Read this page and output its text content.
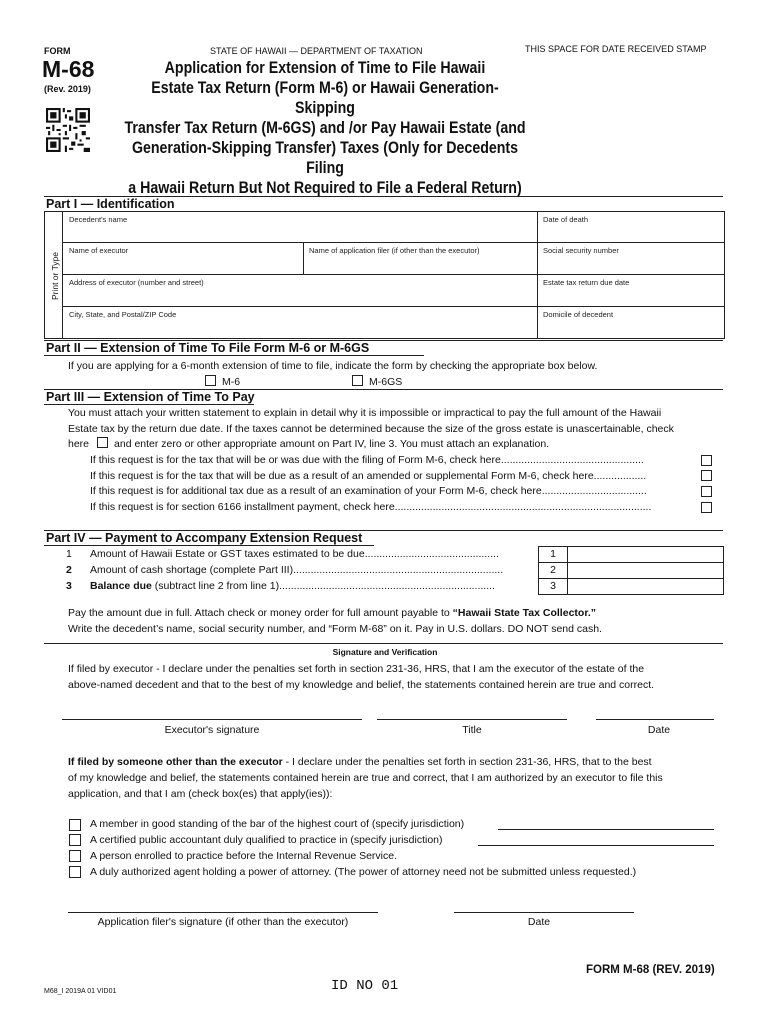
FORM
M-68
(Rev. 2019)
STATE OF HAWAII — DEPARTMENT OF TAXATION	THIS SPACE FOR DATE RECEIVED STAMP
Application for Extension of Time to File Hawaii
Estate Tax Return (Form M-6) or Hawaii Generation-Skipping
Transfer Tax Return (M-6GS) and /or Pay Hawaii Estate (and
Generation-Skipping Transfer) Taxes (Only for Decedents Filing
a Hawaii Return But Not Required to File a Federal Return)
Part I — Identification
Print or Type
Decedent's name	Date of death
Name of executor	Name of application filer (if other than the executor)	Social security number
Address of executor (number and street)	Estate tax return due date
City, State, and Postal/ZIP Code	Domicile of decedent
Part II — Extension of Time To File Form M-6 or M-6GS
If you are applying for a 6-month extension of time to file, indicate the form by checking the appropriate box below.
M-6	M-6GS
Part III — Extension of Time To Pay
You must attach your written statement to explain in detail why it is impossible or impractical to pay the full amount of the Hawaii
Estate tax by the return due date. If the taxes cannot be determined because the size of the gross estate is unascertainable, check
here and enter zero or other appropriate amount on Part IV, line 3. You must attach an explanation.
If this request is for the tax that will be or was due with the filing of Form M-6, check here.................................................
If this request is for the tax that will be due as a result of an amended or supplemental Form M-6, check here..................
If this request is for additional tax due as a result of an examination of your Form M-6, check here....................................
If this request is for section 6166 installment payment, check here........................................................................................
Part IV — Payment to Accompany Extension Request
1 Amount of Hawaii Estate or GST taxes estimated to be due..............................................
2 Amount of cash shortage (complete Part III)........................................................................
3 Balance due (subtract line 2 from line 1)..........................................................................
1
2
3
Pay the amount due in full. Attach check or money order for full amount payable to “Hawaii State Tax Collector.”
Write the decedent’s name, social security number, and “Form M-68” on it. Pay in U.S. dollars. DO NOT send cash.
Signature and Verification
If filed by executor - I declare under the penalties set forth in section 231-36, HRS, that I am the executor of the estate of the
above-named decedent and that to the best of my knowledge and belief, the statements contained herein are true and correct.
Executor's signature	Title	Date
If filed by someone other than the executor - I declare under the penalties set forth in section 231-36, HRS, that to the best
of my knowledge and belief, the statements contained herein are true and correct, that I am authorized by an executor to file this
application, and that I am (check box(es) that apply(ies)):
A member in good standing of the bar of the highest court of (specify jurisdiction)
A certified public accountant duly qualified to practice in (specify jurisdiction)
A person enrolled to practice before the Internal Revenue Service.
A duly authorized agent holding a power of attorney. (The power of attorney need not be submitted unless requested.)
Application filer's signature (if other than the executor)	Date
FORM M-68 (REV. 2019)
ID NO 01
M68_I 2019A 01 VID01
